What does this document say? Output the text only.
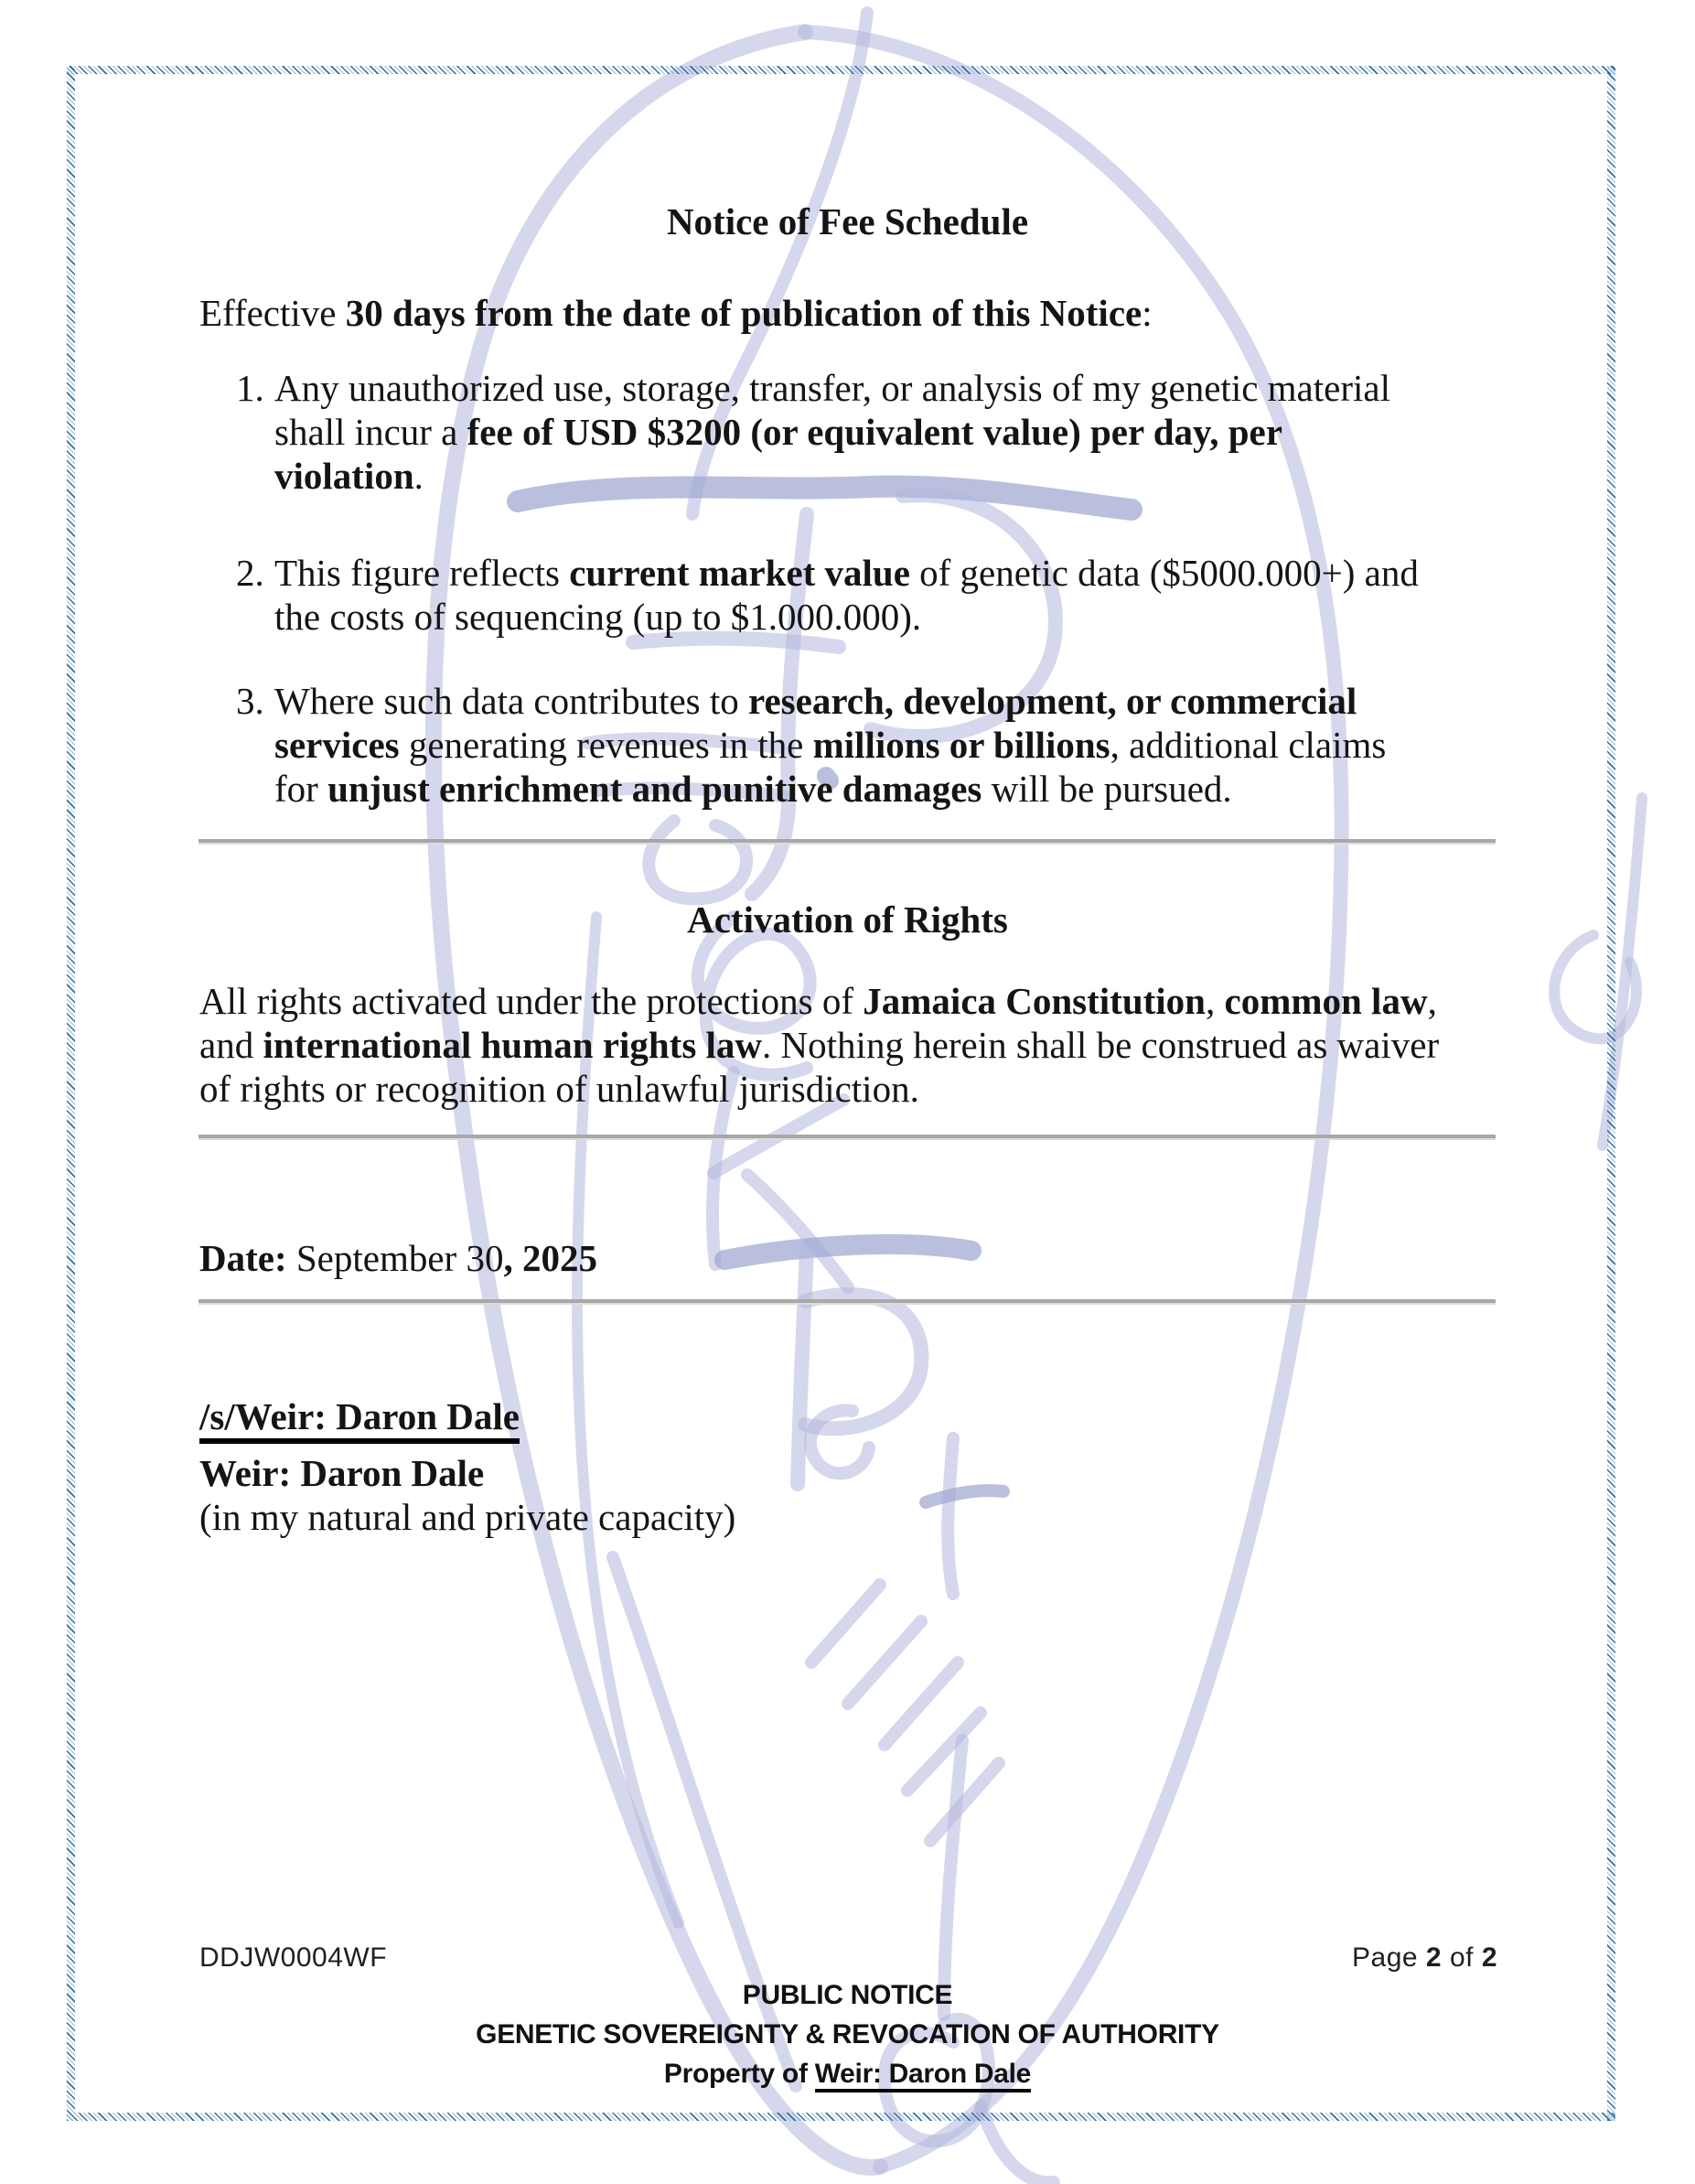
Notice of Fee Schedule
Effective 30 days from the date of publication of this Notice:
1. Any unauthorized use, storage, transfer, or analysis of my genetic material
shall incur a fee of USD $3200 (or equivalent value) per day, per
violation.
2. This figure reflects current market value of genetic data ($5000.000+) and
the costs of sequencing (up to $1.000.000).
3. Where such data contributes to research, development, or commercial
services generating revenues in the millions or billions, additional claims
for unjust enrichment and punitive damages will be pursued.
Activation of Rights
All rights activated under the protections of Jamaica Constitution, common law,
and international human rights law. Nothing herein shall be construed as waiver
of rights or recognition of unlawful jurisdiction.
Date: September 30, 2025
/s/Weir: Daron Dale
Weir: Daron Dale
(in my natural and private capacity)
DDJW0004WF	Page 2 of 2
PUBLIC NOTICE
GENETIC SOVEREIGNTY & REVOCATION OF AUTHORITY
Property of Weir: Daron Dale
